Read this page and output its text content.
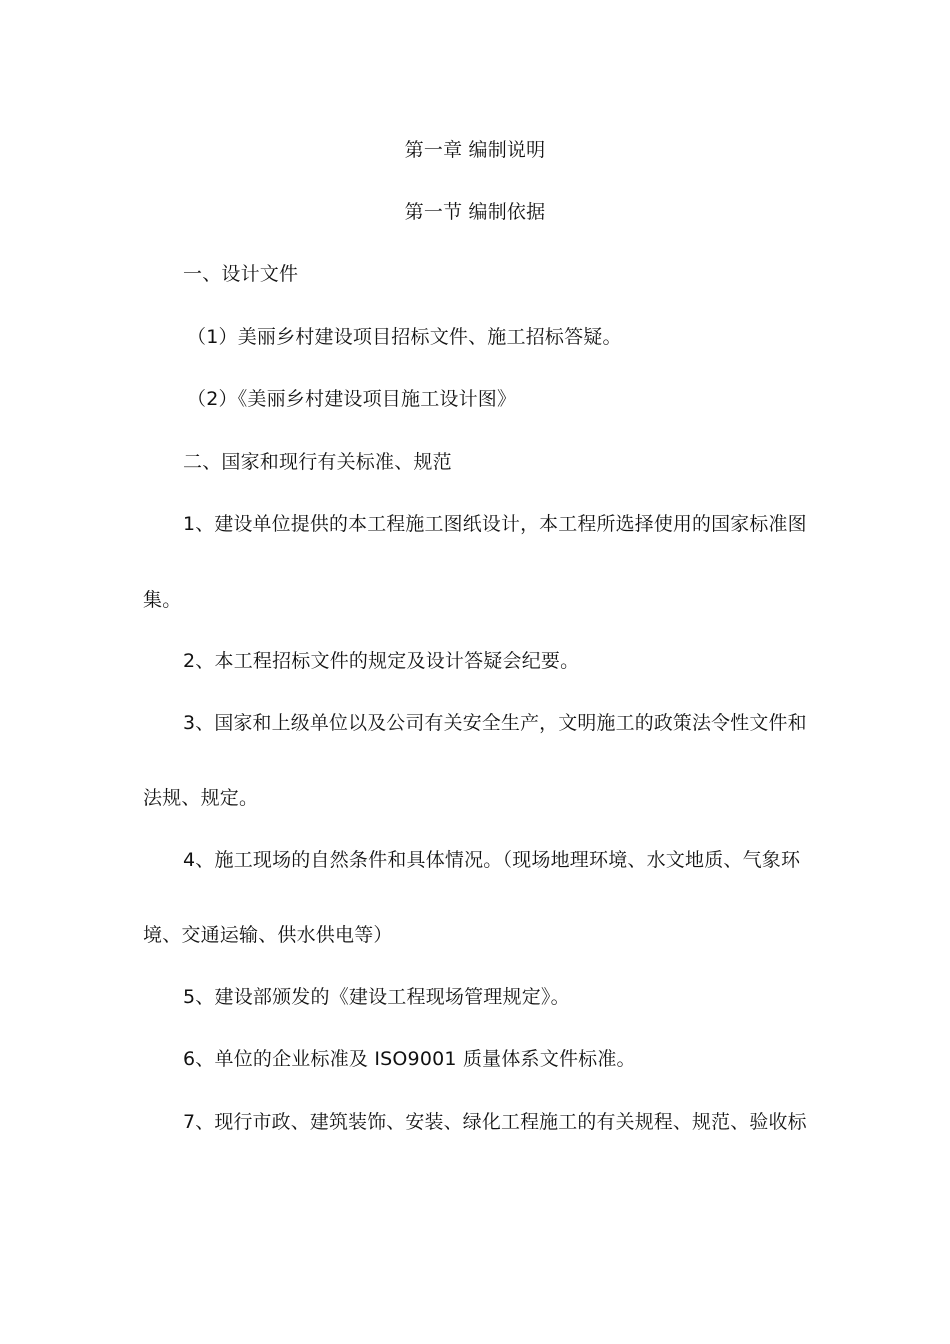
第一章 编制说明
第一节 编制依据
一、设计文件
（1）美丽乡村建设项目招标文件、施工招标答疑。
（2）《美丽乡村建设项目施工设计图》
二、国家和现行有关标准、规范
1、建设单位提供的本工程施工图纸设计，本工程所选择使用的国家标准图
集。
2、本工程招标文件的规定及设计答疑会纪要。
3、国家和上级单位以及公司有关安全生产，文明施工的政策法令性文件和
法规、规定。
4、施工现场的自然条件和具体情况。（现场地理环境、水文地质、气象环
境、交通运输、供水供电等）
5、建设部颁发的《建设工程现场管理规定》。
6、单位的企业标准及 ISO9001 质量体系文件标准。
7、现行市政、建筑装饰、安装、绿化工程施工的有关规程、规范、验收标
